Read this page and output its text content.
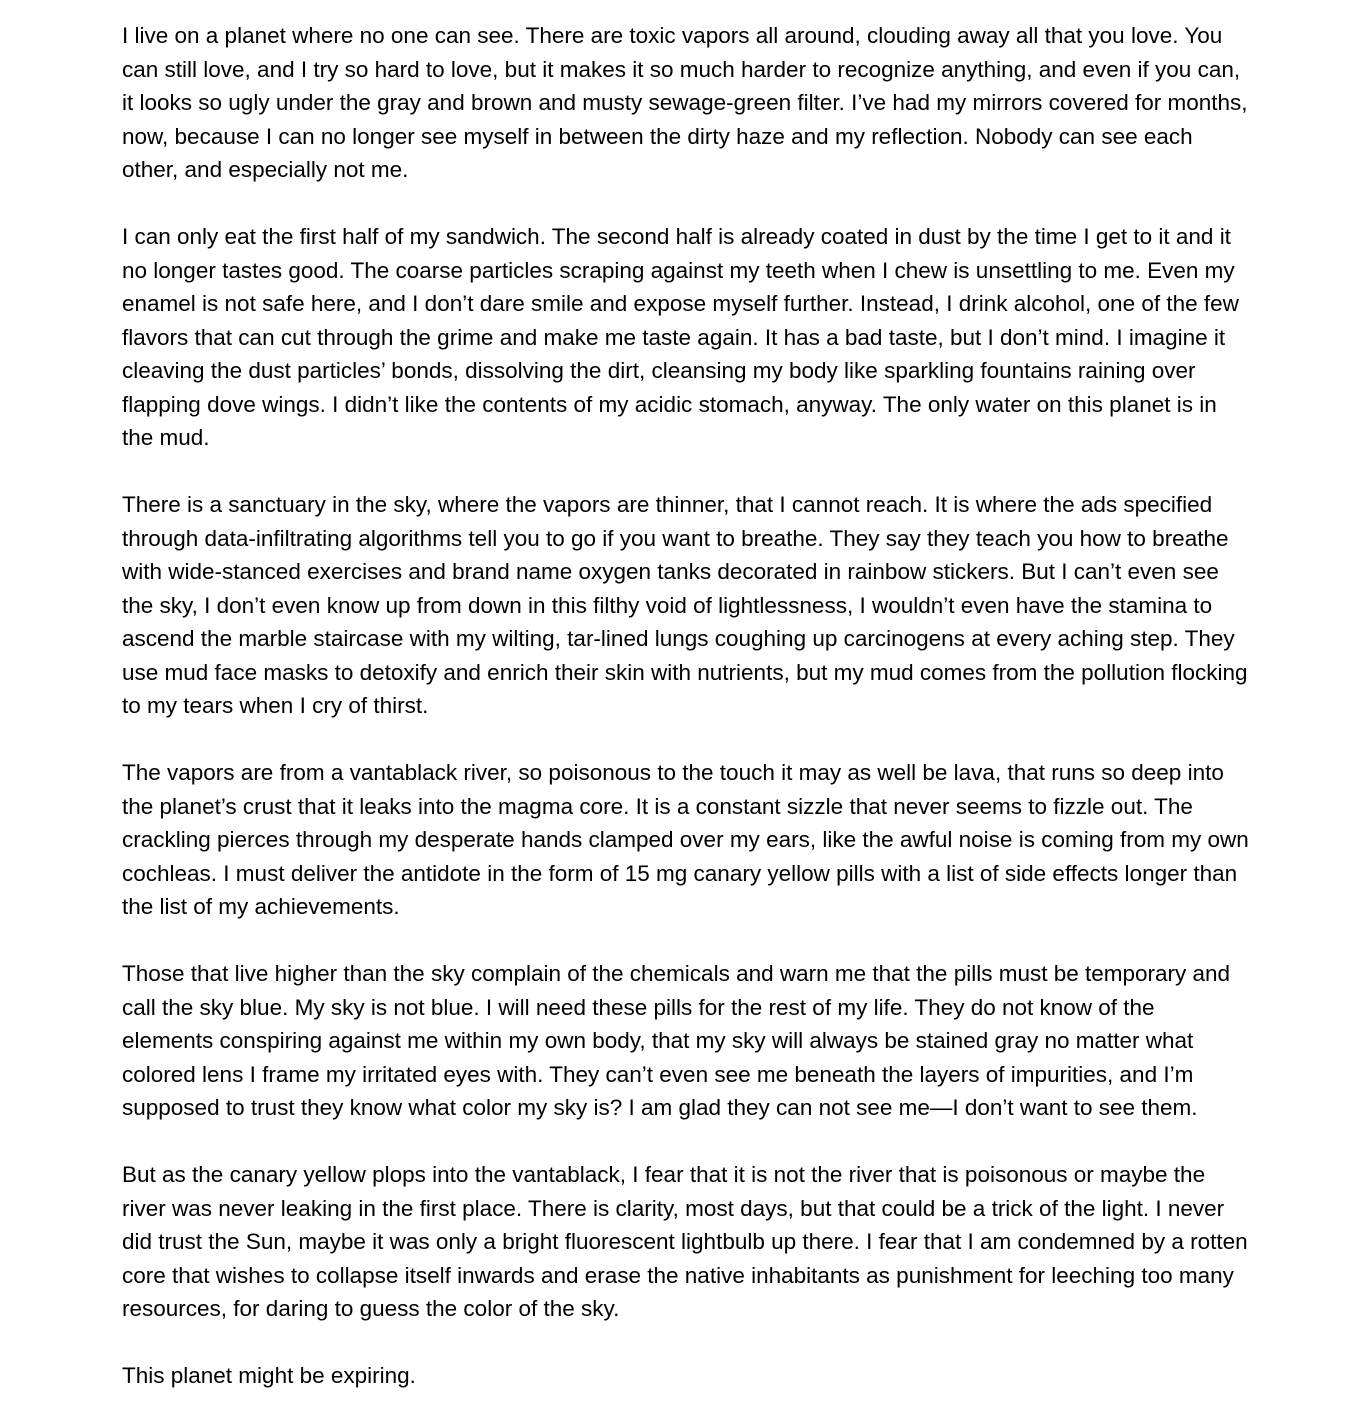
I live on a planet where no one can see. There are toxic vapors all around, clouding away all that you love. You can still love, and I try so hard to love, but it makes it so much harder to recognize anything, and even if you can, it looks so ugly under the gray and brown and musty sewage-green filter. I’ve had my mirrors covered for months, now, because I can no longer see myself in between the dirty haze and my reflection. Nobody can see each other, and especially not me.

I can only eat the first half of my sandwich. The second half is already coated in dust by the time I get to it and it no longer tastes good. The coarse particles scraping against my teeth when I chew is unsettling to me. Even my enamel is not safe here, and I don’t dare smile and expose myself further. Instead, I drink alcohol, one of the few flavors that can cut through the grime and make me taste again. It has a bad taste, but I don’t mind. I imagine it cleaving the dust particles’ bonds, dissolving the dirt, cleansing my body like sparkling fountains raining over flapping dove wings. I didn’t like the contents of my acidic stomach, anyway. The only water on this planet is in the mud.

There is a sanctuary in the sky, where the vapors are thinner, that I cannot reach. It is where the ads specified through data-infiltrating algorithms tell you to go if you want to breathe. They say they teach you how to breathe with wide-stanced exercises and brand name oxygen tanks decorated in rainbow stickers. But I can’t even see the sky, I don’t even know up from down in this filthy void of lightlessness, I wouldn’t even have the stamina to ascend the marble staircase with my wilting, tar-lined lungs coughing up carcinogens at every aching step. They use mud face masks to detoxify and enrich their skin with nutrients, but my mud comes from the pollution flocking to my tears when I cry of thirst.

The vapors are from a vantablack river, so poisonous to the touch it may as well be lava, that runs so deep into the planet’s crust that it leaks into the magma core. It is a constant sizzle that never seems to fizzle out. The crackling pierces through my desperate hands clamped over my ears, like the awful noise is coming from my own cochleas. I must deliver the antidote in the form of 15 mg canary yellow pills with a list of side effects longer than the list of my achievements.

Those that live higher than the sky complain of the chemicals and warn me that the pills must be temporary and call the sky blue. My sky is not blue. I will need these pills for the rest of my life. They do not know of the elements conspiring against me within my own body, that my sky will always be stained gray no matter what colored lens I frame my irritated eyes with. They can’t even see me beneath the layers of impurities, and I’m supposed to trust they know what color my sky is? I am glad they can not see me—I don’t want to see them.

But as the canary yellow plops into the vantablack, I fear that it is not the river that is poisonous or maybe the river was never leaking in the first place. There is clarity, most days, but that could be a trick of the light. I never did trust the Sun, maybe it was only a bright fluorescent lightbulb up there. I fear that I am condemned by a rotten core that wishes to collapse itself inwards and erase the native inhabitants as punishment for leeching too many resources, for daring to guess the color of the sky.

This planet might be expiring.
